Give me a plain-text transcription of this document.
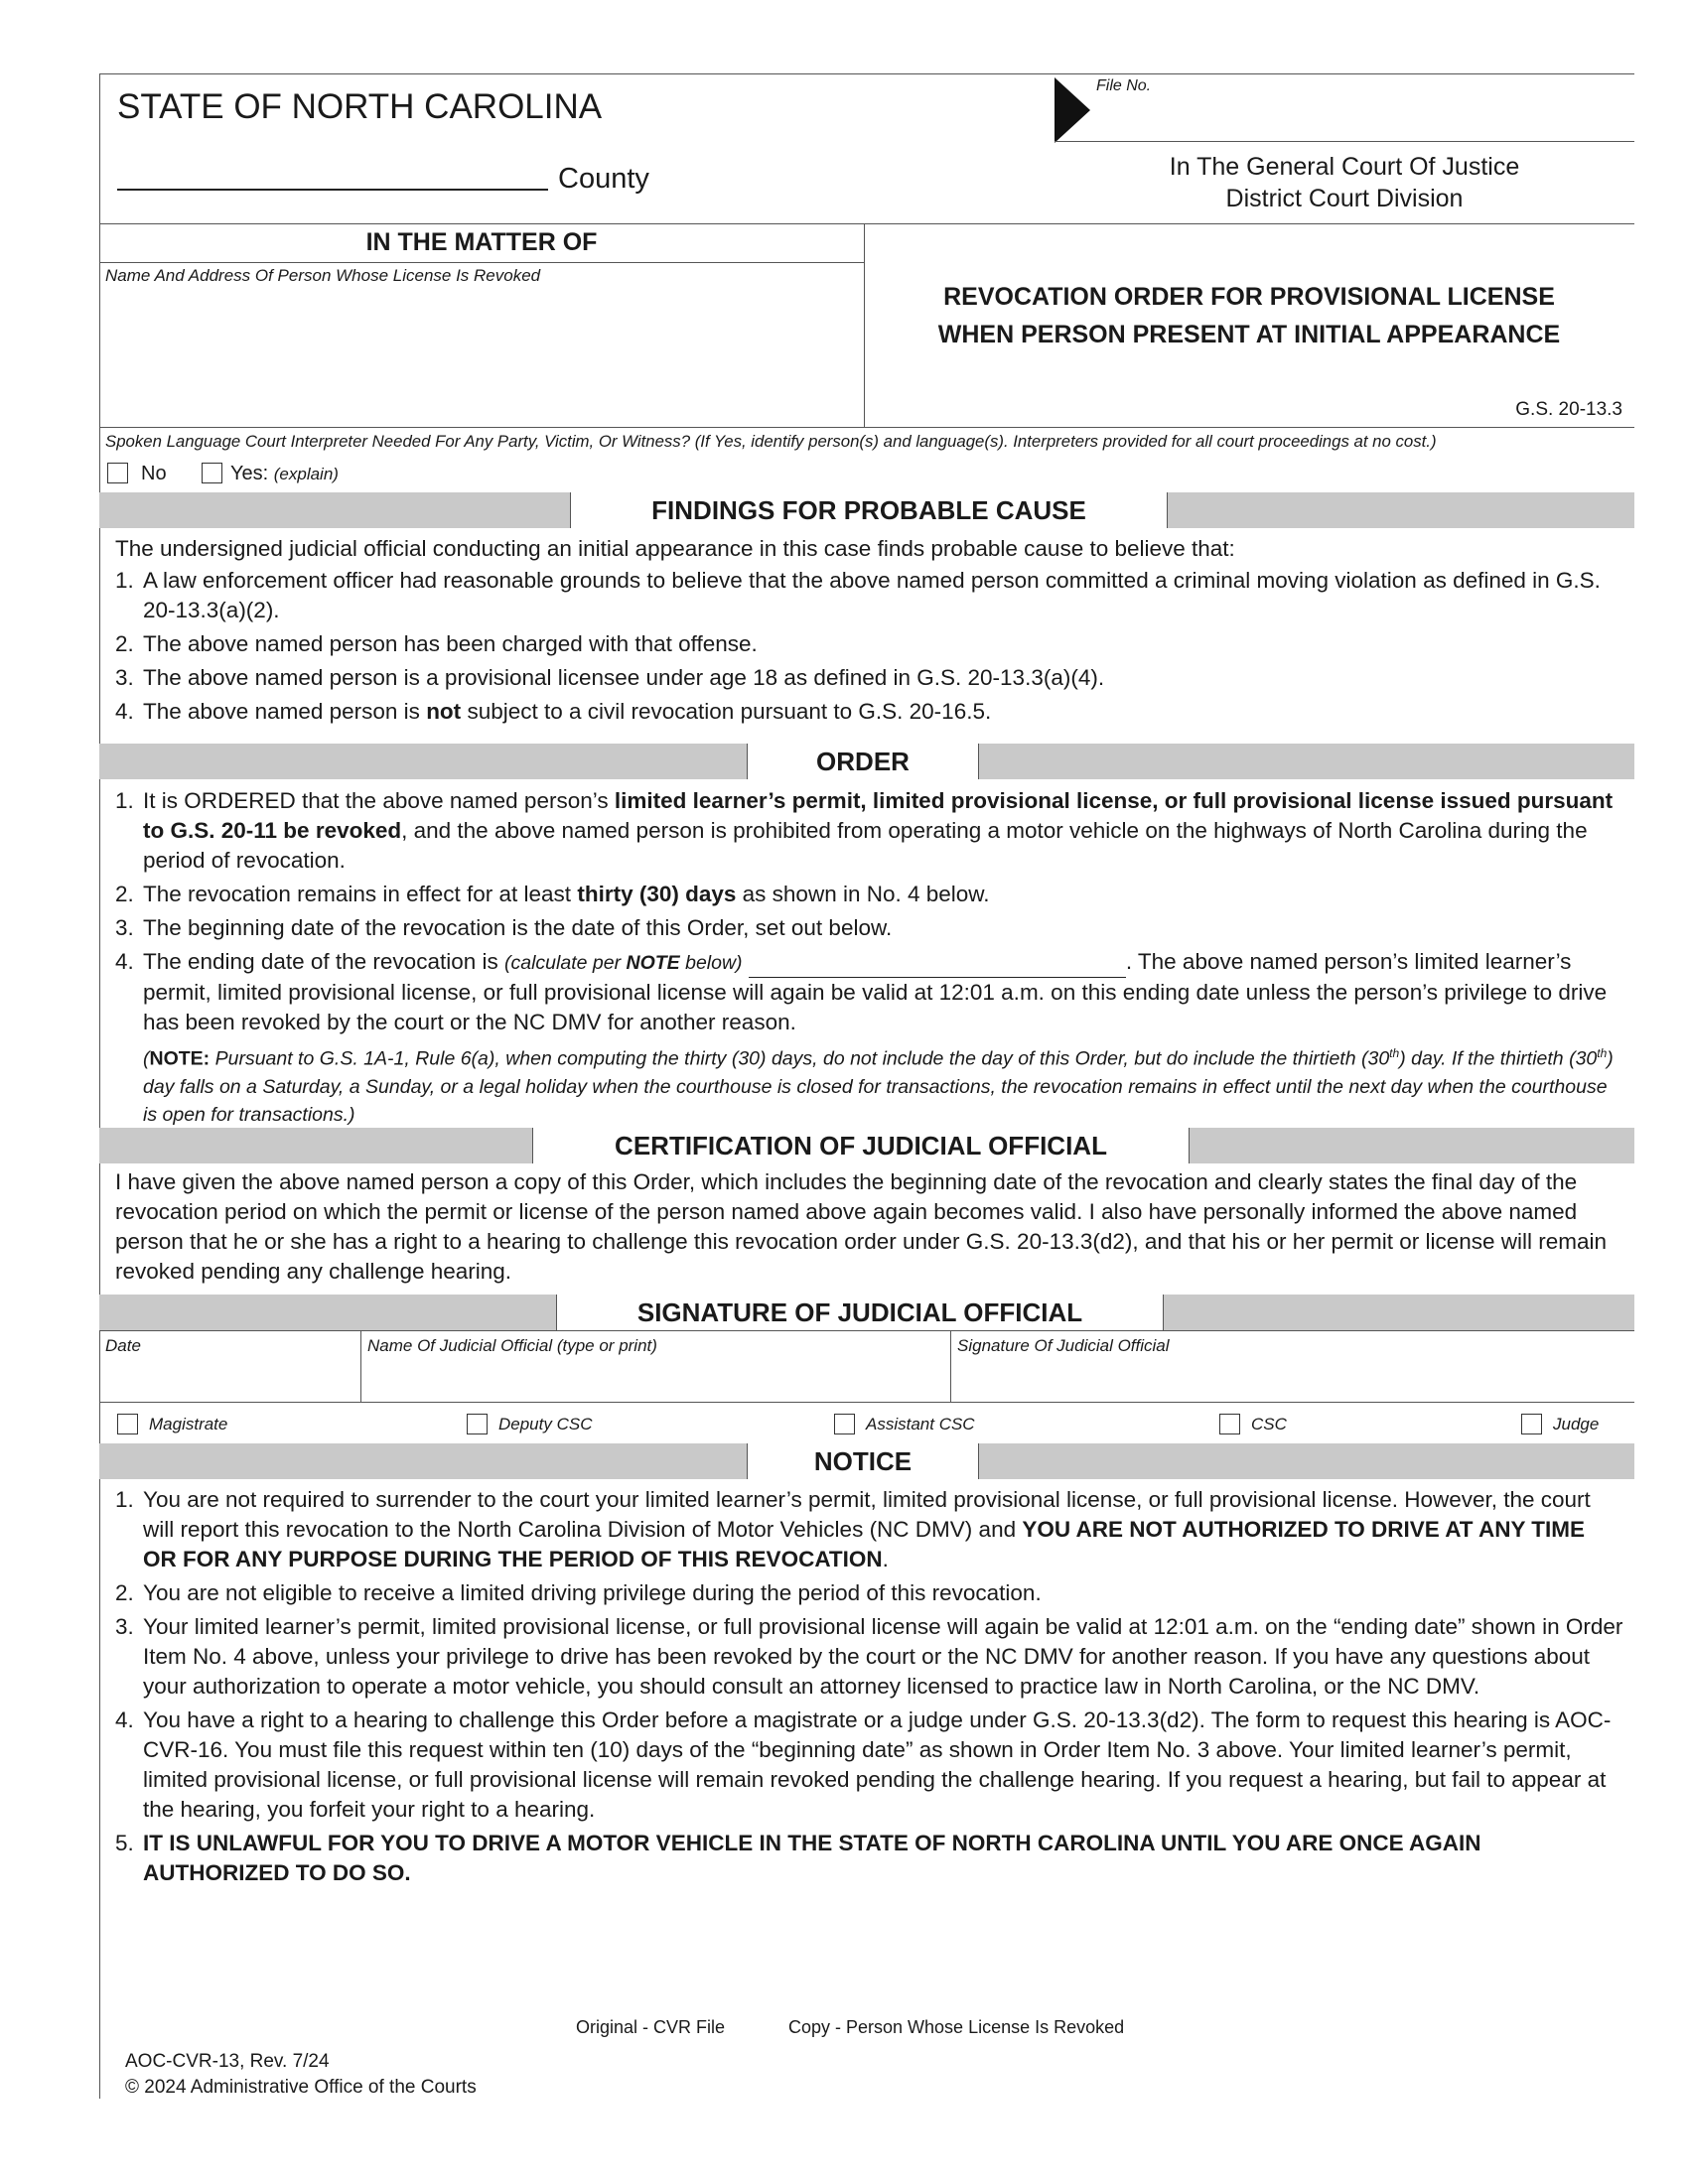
STATE OF NORTH CAROLINA
County
File No.
In The General Court Of Justice
District Court Division
IN THE MATTER OF
Name And Address Of Person Whose License Is Revoked
REVOCATION ORDER FOR PROVISIONAL LICENSE
WHEN PERSON PRESENT AT INITIAL APPEARANCE
G.S. 20-13.3
Spoken Language Court Interpreter Needed For Any Party, Victim, Or Witness? (If Yes, identify person(s) and language(s). Interpreters provided for all court proceedings at no cost.)
No	Yes: (explain)
FINDINGS FOR PROBABLE CAUSE
The undersigned judicial official conducting an initial appearance in this case finds probable cause to believe that:
1. A law enforcement officer had reasonable grounds to believe that the above named person committed a criminal moving violation as defined in G.S. 20-13.3(a)(2).
2. The above named person has been charged with that offense.
3. The above named person is a provisional licensee under age 18 as defined in G.S. 20-13.3(a)(4).
4. The above named person is not subject to a civil revocation pursuant to G.S. 20-16.5.
ORDER
1. It is ORDERED that the above named person’s limited learner’s permit, limited provisional license, or full provisional license issued pursuant to G.S. 20-11 be revoked, and the above named person is prohibited from operating a motor vehicle on the highways of North Carolina during the period of revocation.
2. The revocation remains in effect for at least thirty (30) days as shown in No. 4 below.
3. The beginning date of the revocation is the date of this Order, set out below.
4. The ending date of the revocation is (calculate per NOTE below)	. The above named person’s limited learner’s permit, limited provisional license, or full provisional license will again be valid at 12:01 a.m. on this ending date unless the person’s privilege to drive has been revoked by the court or the NC DMV for another reason.
(NOTE: Pursuant to G.S. 1A-1, Rule 6(a), when computing the thirty (30) days, do not include the day of this Order, but do include the thirtieth (30th) day. If the thirtieth (30th) day falls on a Saturday, a Sunday, or a legal holiday when the courthouse is closed for transactions, the revocation remains in effect until the next day when the courthouse is open for transactions.)
CERTIFICATION OF JUDICIAL OFFICIAL
I have given the above named person a copy of this Order, which includes the beginning date of the revocation and clearly states the final day of the revocation period on which the permit or license of the person named above again becomes valid. I also have personally informed the above named person that he or she has a right to a hearing to challenge this revocation order under G.S. 20-13.3(d2), and that his or her permit or license will remain revoked pending any challenge hearing.
SIGNATURE OF JUDICIAL OFFICIAL
Date	Name Of Judicial Official (type or print)	Signature Of Judicial Official
Magistrate	Deputy CSC	Assistant CSC	CSC	Judge
NOTICE
1. You are not required to surrender to the court your limited learner’s permit, limited provisional license, or full provisional license. However, the court will report this revocation to the North Carolina Division of Motor Vehicles (NC DMV) and YOU ARE NOT AUTHORIZED TO DRIVE AT ANY TIME OR FOR ANY PURPOSE DURING THE PERIOD OF THIS REVOCATION.
2. You are not eligible to receive a limited driving privilege during the period of this revocation.
3. Your limited learner’s permit, limited provisional license, or full provisional license will again be valid at 12:01 a.m. on the “ending date” shown in Order Item No. 4 above, unless your privilege to drive has been revoked by the court or the NC DMV for another reason. If you have any questions about your authorization to operate a motor vehicle, you should consult an attorney licensed to practice law in North Carolina, or the NC DMV.
4. You have a right to a hearing to challenge this Order before a magistrate or a judge under G.S. 20-13.3(d2). The form to request this hearing is AOC-CVR-16. You must file this request within ten (10) days of the “beginning date” as shown in Order Item No. 3 above. Your limited learner’s permit, limited provisional license, or full provisional license will remain revoked pending the challenge hearing. If you request a hearing, but fail to appear at the hearing, you forfeit your right to a hearing.
5. IT IS UNLAWFUL FOR YOU TO DRIVE A MOTOR VEHICLE IN THE STATE OF NORTH CAROLINA UNTIL YOU ARE ONCE AGAIN AUTHORIZED TO DO SO.
Original - CVR File	Copy - Person Whose License Is Revoked
AOC-CVR-13, Rev. 7/24
© 2024 Administrative Office of the Courts
